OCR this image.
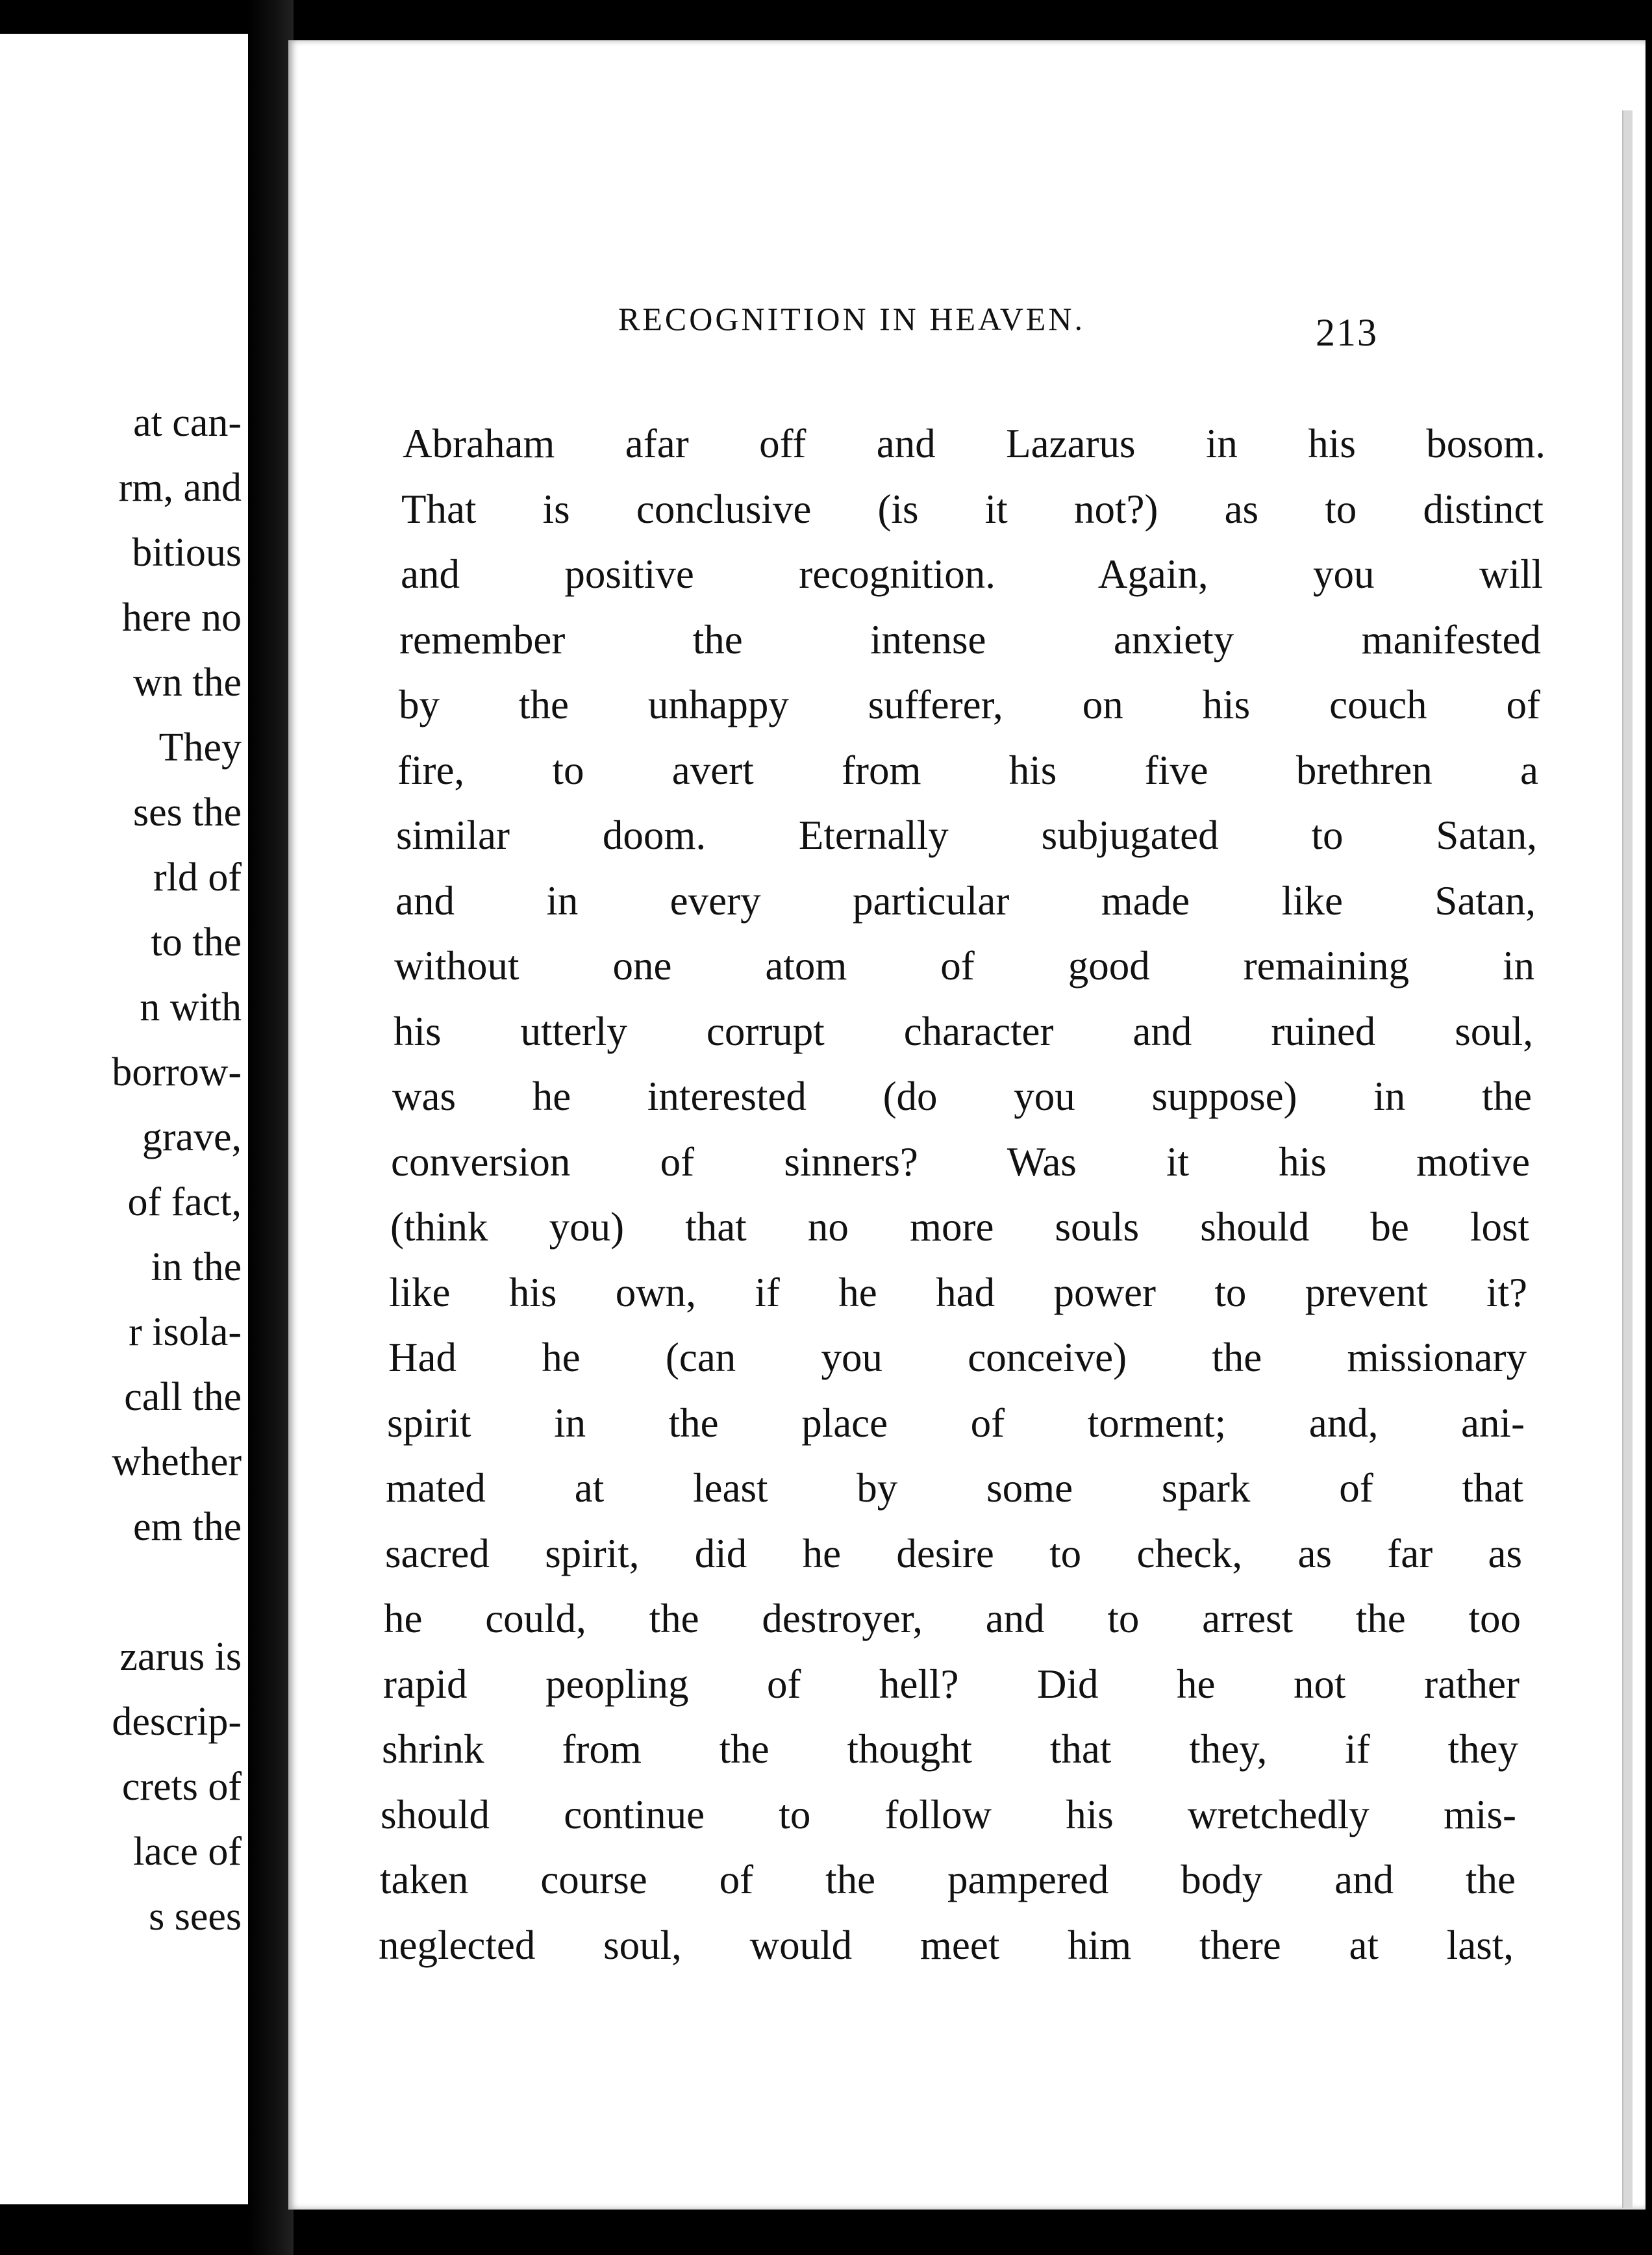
at can-
rm, and
bitious
here no
wn the
They
ses the
rld of
to the
n with
borrow-
grave,
of fact,
in the
r isola-
call the
whether
em the
zarus is
descrip-
crets of
lace of
s sees
Abraham afar off and Lazarus in his bosom.
That is conclusive (is it not?) as to distinct
and positive recognition. Again, you will
remember the intense anxiety manifested
by the unhappy sufferer, on his couch of
fire, to avert from his five brethren a
similar doom. Eternally subjugated to Satan,
and in every particular made like Satan,
without one atom of good remaining in
his utterly corrupt character and ruined soul,
was he interested (do you suppose) in the
conversion of sinners? Was it his motive
(think you) that no more souls should be lost
like his own, if he had power to prevent it?
Had he (can you conceive) the missionary
spirit in the place of torment; and, ani-
mated at least by some spark of that
sacred spirit, did he desire to check, as far as
he could, the destroyer, and to arrest the too
rapid peopling of hell? Did he not rather
shrink from the thought that they, if they
should continue to follow his wretchedly mis-
taken course of the pampered body and the
neglected soul, would meet him there at last,
RECOGNITION IN HEAVEN.	213
